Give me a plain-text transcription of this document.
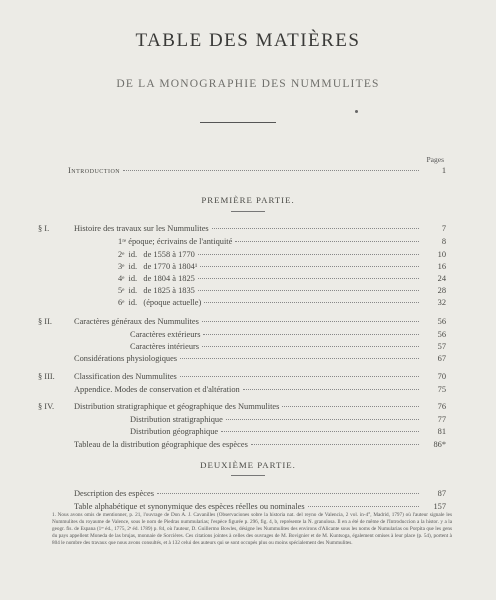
TABLE DES MATIÈRES
DE LA MONOGRAPHIE DES NUMMULITES
Pages
Introduction	1
PREMIÈRE PARTIE.
DEUXIÈME PARTIE.
1. Nous avons omis de mentionner, p. 21, l'ouvrage de Don A. J. Cavanilles (Observaciones sobre la historia nat. del reyno de Valencia, 2 vol. in-4°, Madrid, 1797) où l'auteur signale les Nummulites du royaume de Valence, sous le nom de Piedras nummularias; l'espèce figurée p. 296, fig. 4, b, représente la N. granulosa. Il en a été de même de l'Introduccion a la histor. y a la geogr. fis. de Espana (1ʳᵉ éd., 1775, 2ᵉ éd. 1789) p. 84, où l'auteur, D. Guillermo Bowles, désigne les Nummulites des environs d'Alicante sous les noms de Numularias ou Porpita que les gens du pays appellent Moneda de las brujas, monnaie de Sorcières. Ces citations jointes à celles des ouvrages de M. Bovignier et de M. Kuntsoga, également omises à leur place (p. 54), portent à 804 le nombre des travaux que nous avons consultés, et à 132 celui des auteurs qui se sont occupés plus ou moins spécialement des Nummulites.
§ I.	Histoire des travaux sur les Nummulites	7
1ʳᵉ époque; écrivains de l'antiquité	8
2ᵉ  id.   de 1558 à 1770	10
3ᵉ  id.   de 1770 à 1804¹	16
4ᵉ  id.   de 1804 à 1825	24
5ᵉ  id.   de 1825 à 1835	28
6ᵉ  id.   (époque actuelle)	32
§ II.	Caractères généraux des Nummulites	56
Caractères extérieurs	56
Caractères intérieurs	57
Considérations physiologiques	67
§ III.	Classification des Nummulites	70
Appendice. Modes de conservation et d'altération	75
§ IV.	Distribution stratigraphique et géographique des Nummulites	76
Distribution stratigraphique	77
Distribution géographique	81
Tableau de la distribution géographique des espèces	86*
Description des espèces	87
Table alphabétique et synonymique des espèces réelles ou nominales	157
